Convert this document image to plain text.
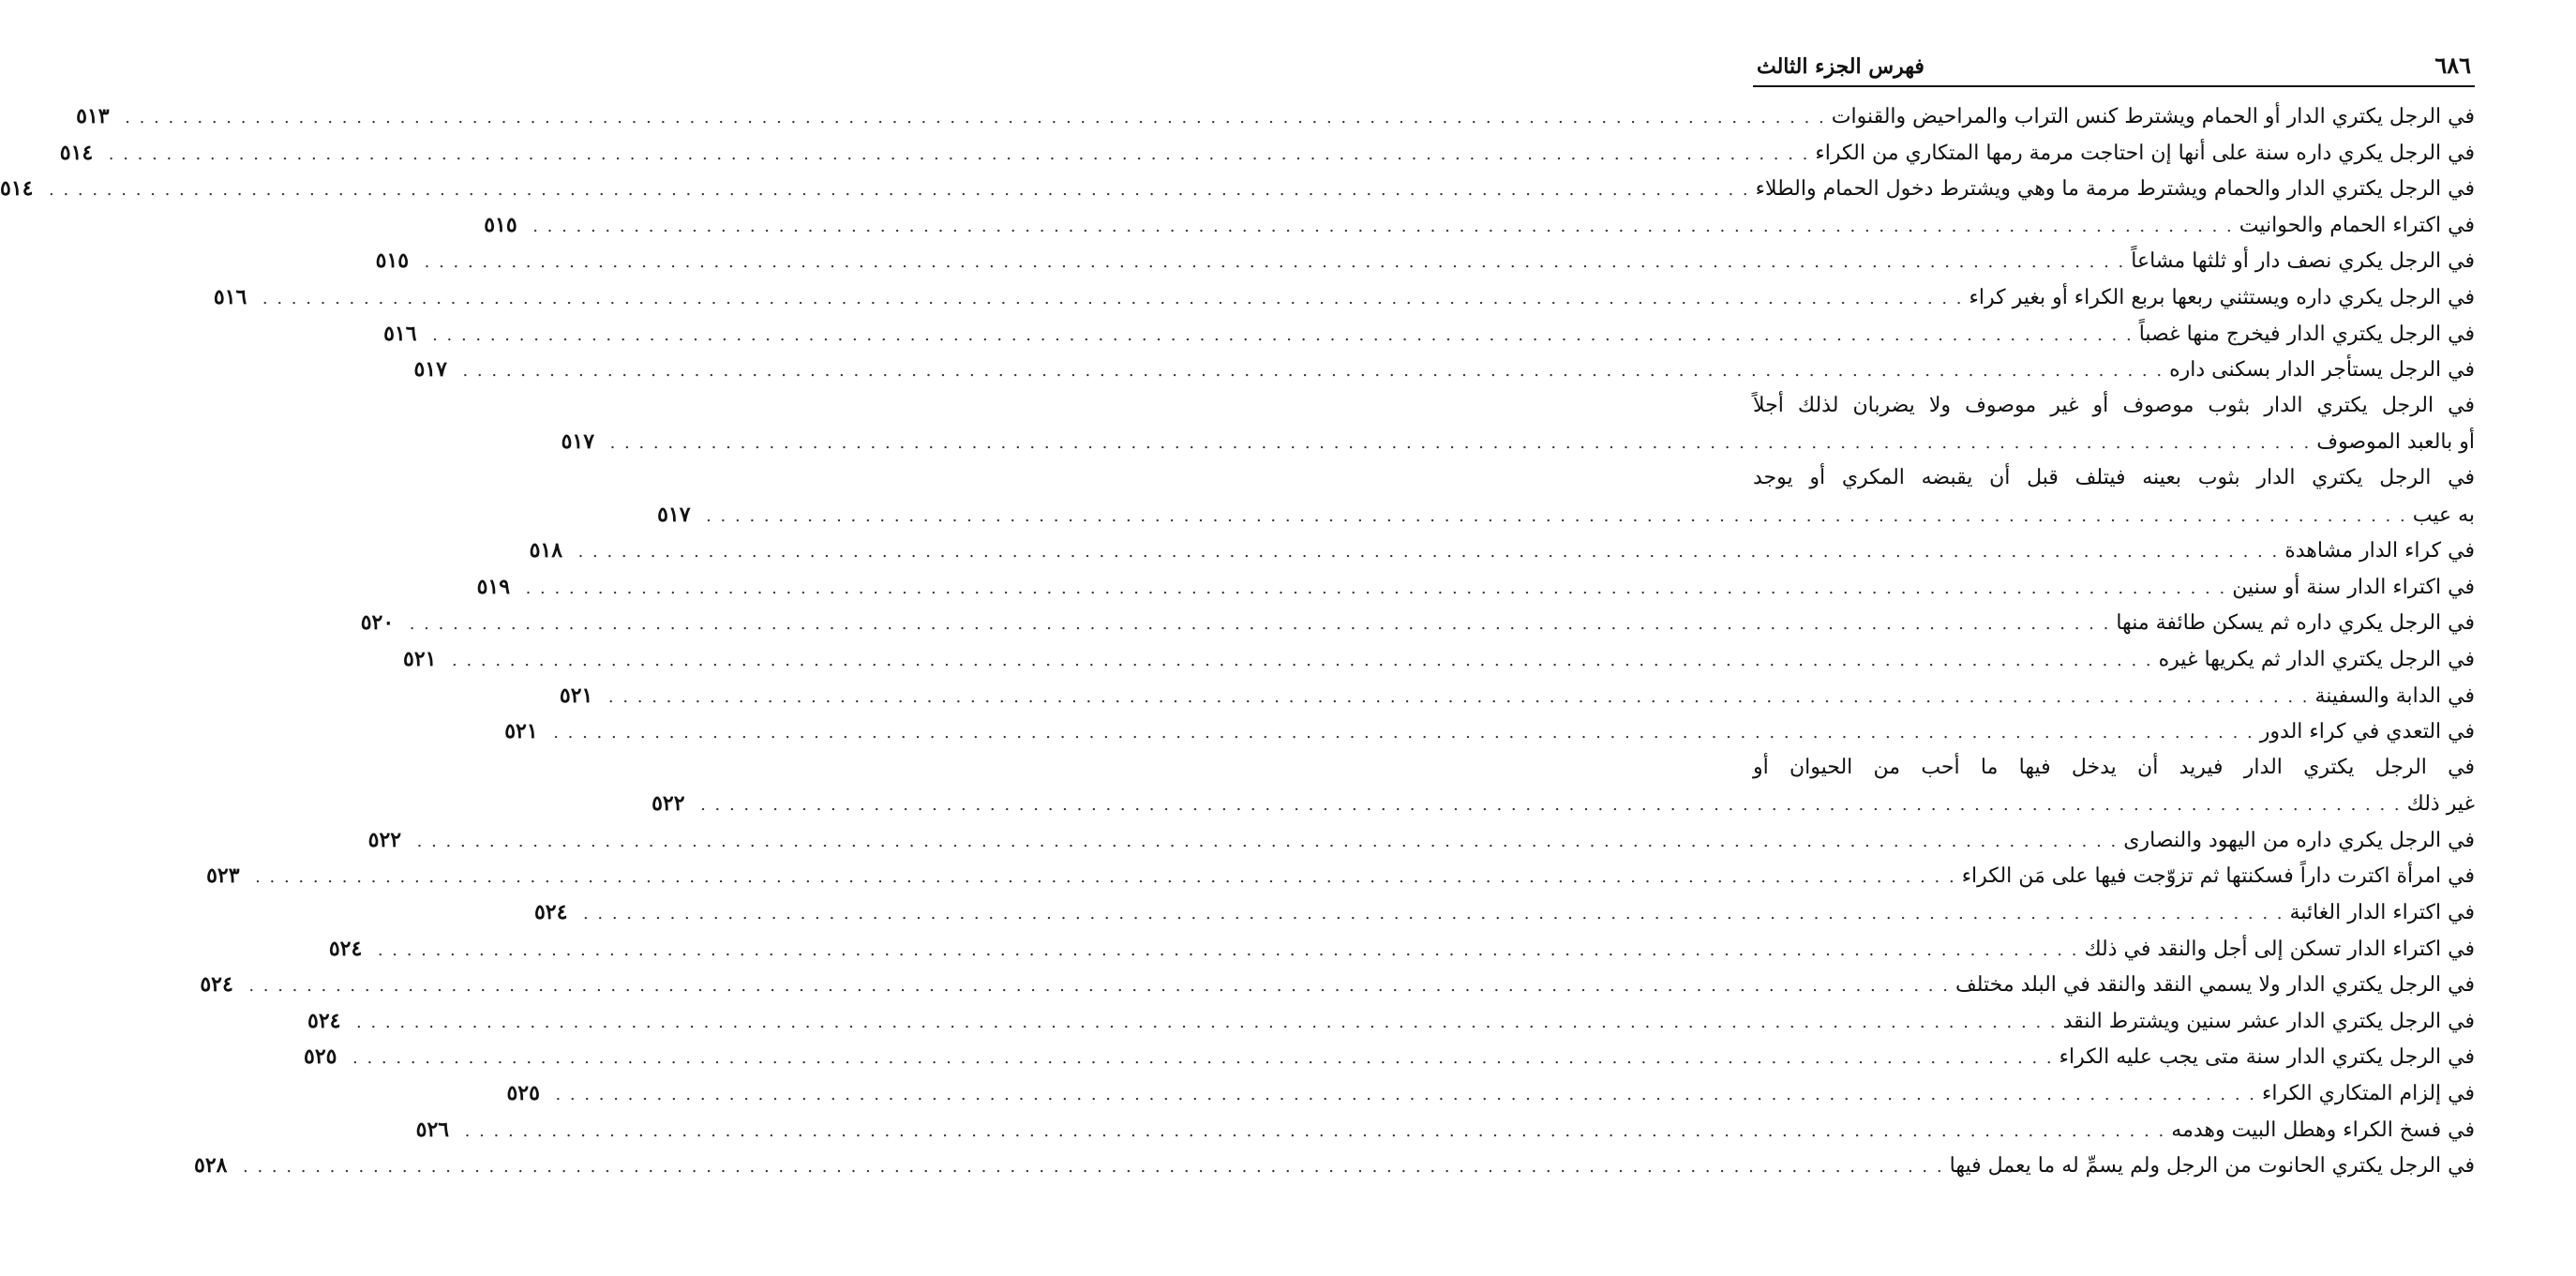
٦٨٦
فهرس الجزء الثالث
في الرجل يكتري الدار أو الحمام ويشترط كنس التراب والمراحيض والقنوات
. . .
٥١٣
في الرجل يكري داره سنة على أنها إن احتاجت مرمة رمها المتكاري من الكراء
. . .
٥١٤
في الرجل يكتري الدار والحمام ويشترط مرمة ما وهي ويشترط دخول الحمام والطلاء
. . .
٥١٤
في اكتراء الحمام والحوانيت
. . .
٥١٥
في الرجل يكري نصف دار أو ثلثها مشاعاً
. . .
٥١٥
في الرجل يكري داره ويستثني ربعها بربع الكراء أو بغير كراء
. . .
٥١٦
في الرجل يكتري الدار فيخرج منها غصباً
. . .
٥١٦
في الرجل يستأجر الدار بسكنى داره
. . .
٥١٧
في الرجل يكتري الدار بثوب موصوف أو غير موصوف ولا يضربان لذلك أجلاً
أو بالعبد الموصوف
. . .
٥١٧
في الرجل يكتري الدار بثوب بعينه فيتلف قبل أن يقبضه المكري أو يوجد
به عيب
. . .
٥١٧
في كراء الدار مشاهدة
. . .
٥١٨
في اكتراء الدار سنة أو سنين
. . .
٥١٩
في الرجل يكري داره ثم يسكن طائفة منها
. . .
٥٢٠
في الرجل يكتري الدار ثم يكريها غيره
. . .
٥٢١
في الدابة والسفينة
. . .
٥٢١
في التعدي في كراء الدور
. . .
٥٢١
في الرجل يكتري الدار فيريد أن يدخل فيها ما أحب من الحيوان أو
غير ذلك
. . .
٥٢٢
في الرجل يكري داره من اليهود والنصارى
. . .
٥٢٢
في امرأة اكترت داراً فسكنتها ثم تزوّجت فيها على مَن الكراء
. . .
٥٢٣
في اكتراء الدار الغائبة
. . .
٥٢٤
في اكتراء الدار تسكن إلى أجل والنقد في ذلك
. . .
٥٢٤
في الرجل يكتري الدار ولا يسمي النقد والنقد في البلد مختلف
. . .
٥٢٤
في الرجل يكتري الدار عشر سنين ويشترط النقد
. . .
٥٢٤
في الرجل يكتري الدار سنة متى يجب عليه الكراء
. . .
٥٢٥
في إلزام المتكاري الكراء
. . .
٥٢٥
في فسخ الكراء وهطل البيت وهدمه
. . .
٥٢٦
في الرجل يكتري الحانوت من الرجل ولم يسمِّ له ما يعمل فيها
. . .
٥٢٨
